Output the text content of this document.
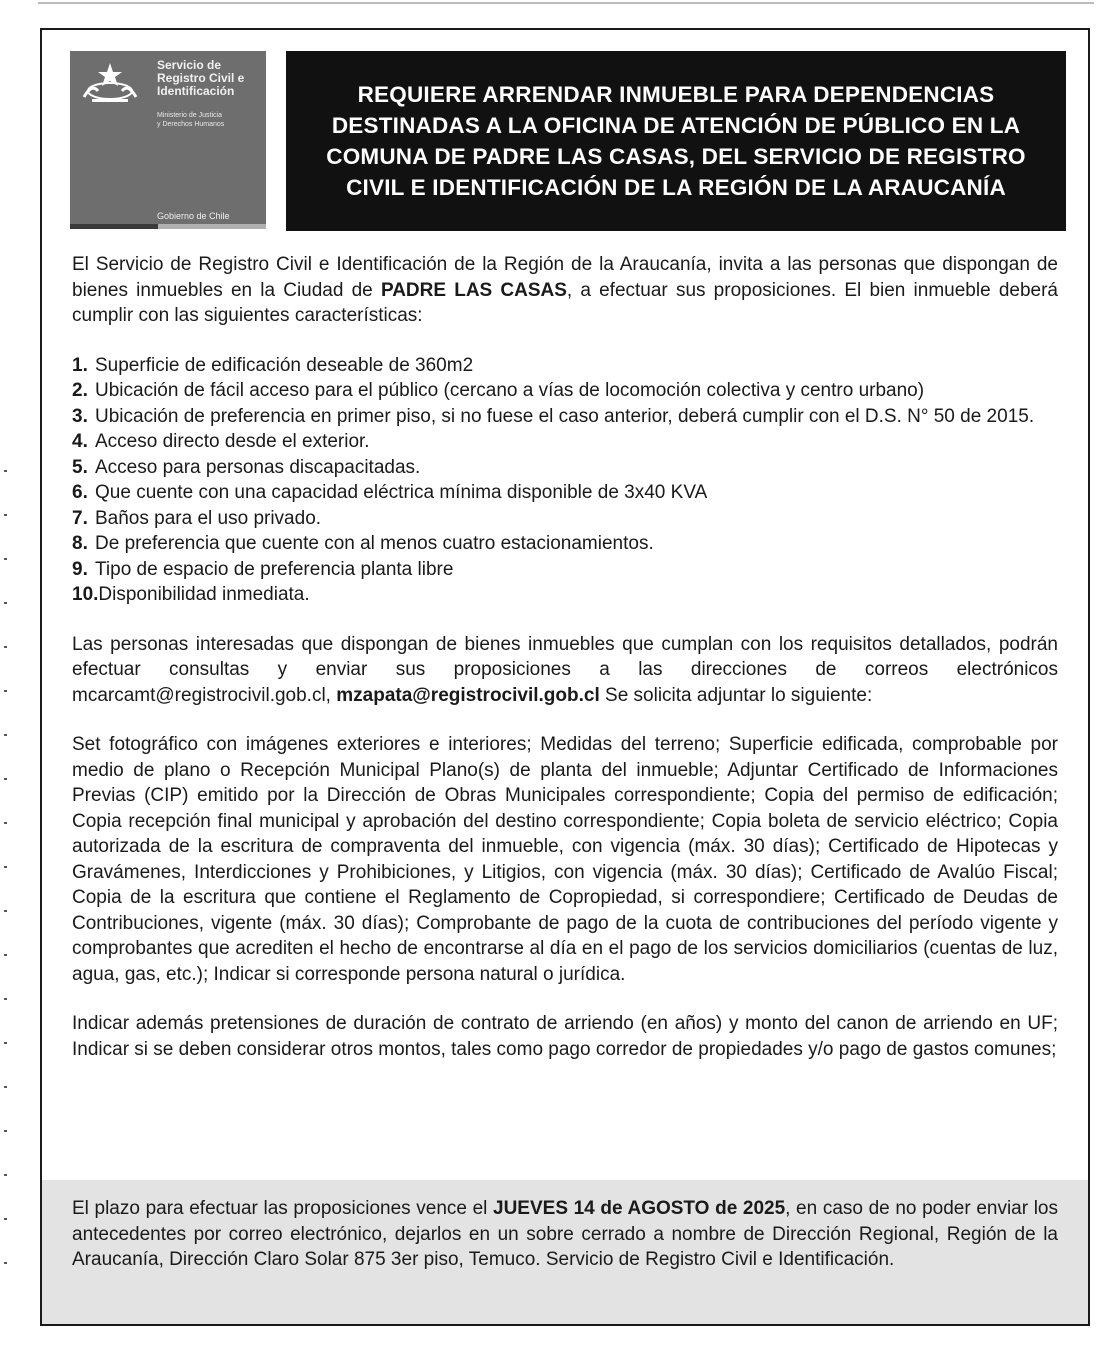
Servicio de
Registro Civil e
Identificación
Ministerio de Justicia
y Derechos Humanos
Gobierno de Chile
REQUIERE ARRENDAR INMUEBLE PARA DEPENDENCIAS DESTINADAS A LA OFICINA DE ATENCIÓN DE PÚBLICO EN LA COMUNA DE PADRE LAS CASAS, DEL SERVICIO DE REGISTRO CIVIL E IDENTIFICACIÓN DE LA REGIÓN DE LA ARAUCANÍA

El Servicio de Registro Civil e Identificación de la Región de la Araucanía, invita a las personas que dispongan de bienes inmuebles en la Ciudad de PADRE LAS CASAS, a efectuar sus proposiciones. El bien inmueble deberá cumplir con las siguientes características:

1. Superficie de edificación deseable de 360m2
2. Ubicación de fácil acceso para el público (cercano a vías de locomoción colectiva y centro urbano)
3. Ubicación de preferencia en primer piso, si no fuese el caso anterior, deberá cumplir con el D.S. N° 50 de 2015.
4. Acceso directo desde el exterior.
5. Acceso para personas discapacitadas.
6. Que cuente con una capacidad eléctrica mínima disponible de 3x40 KVA
7. Baños para el uso privado.
8. De preferencia que cuente con al menos cuatro estacionamientos.
9. Tipo de espacio de preferencia planta libre
10.Disponibilidad inmediata.

Las personas interesadas que dispongan de bienes inmuebles que cumplan con los requisitos detallados, podrán efectuar consultas y enviar sus proposiciones a las direcciones de correos electrónicos mcarcamt@registrocivil.gob.cl, mzapata@registrocivil.gob.cl Se solicita adjuntar lo siguiente:

Set fotográfico con imágenes exteriores e interiores; Medidas del terreno; Superficie edificada, comprobable por medio de plano o Recepción Municipal Plano(s) de planta del inmueble; Adjuntar Certificado de Informaciones Previas (CIP) emitido por la Dirección de Obras Municipales correspondiente; Copia del permiso de edificación; Copia recepción final municipal y aprobación del destino correspondiente; Copia boleta de servicio eléctrico; Copia autorizada de la escritura de compraventa del inmueble, con vigencia (máx. 30 días); Certificado de Hipotecas y Gravámenes, Interdicciones y Prohibiciones, y Litigios, con vigencia (máx. 30 días); Certificado de Avalúo Fiscal; Copia de la escritura que contiene el Reglamento de Copropiedad, si correspondiere; Certificado de Deudas de Contribuciones, vigente (máx. 30 días); Comprobante de pago de la cuota de contribuciones del período vigente y comprobantes que acrediten el hecho de encontrarse al día en el pago de los servicios domiciliarios (cuentas de luz, agua, gas, etc.); Indicar si corresponde persona natural o jurídica.

Indicar además pretensiones de duración de contrato de arriendo (en años) y monto del canon de arriendo en UF; Indicar si se deben considerar otros montos, tales como pago corredor de propiedades y/o pago de gastos comunes;

El plazo para efectuar las proposiciones vence el JUEVES 14 de AGOSTO de 2025, en caso de no poder enviar los antecedentes por correo electrónico, dejarlos en un sobre cerrado a nombre de Dirección Regional, Región de la Araucanía, Dirección Claro Solar 875 3er piso, Temuco. Servicio de Registro Civil e Identificación.
